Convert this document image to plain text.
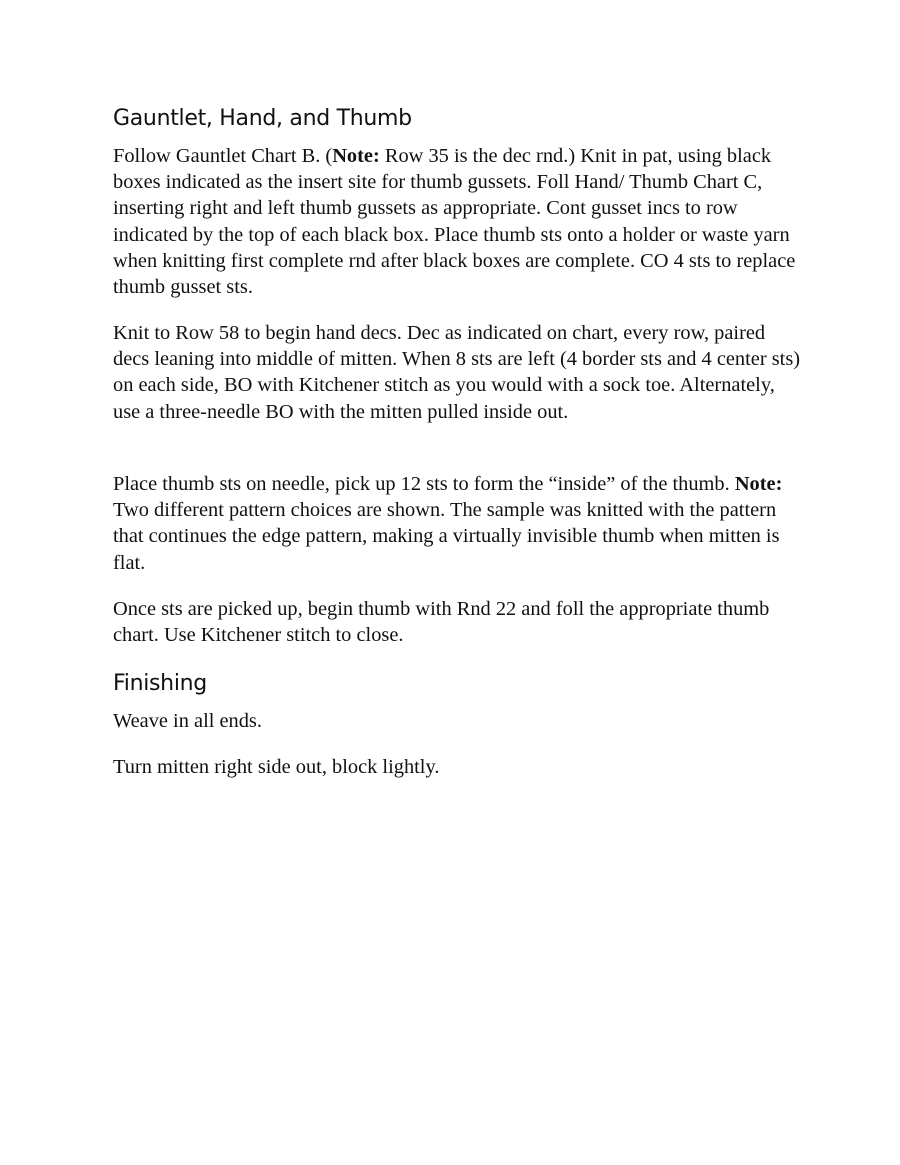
Gauntlet, Hand, and Thumb

Follow Gauntlet Chart B. (Note: Row 35 is the dec rnd.) Knit in pat, using black boxes indicated as the insert site for thumb gussets. Foll Hand/ Thumb Chart C, inserting right and left thumb gussets as appropriate. Cont gusset incs to row indicated by the top of each black box. Place thumb sts onto a holder or waste yarn when knitting first complete rnd after black boxes are complete. CO 4 sts to replace thumb gusset sts.

Knit to Row 58 to begin hand decs. Dec as indicated on chart, every row, paired decs leaning into middle of mitten. When 8 sts are left (4 border sts and 4 center sts) on each side, BO with Kitchener stitch as you would with a sock toe. Alternately, use a three-needle BO with the mitten pulled inside out.

Place thumb sts on needle, pick up 12 sts to form the “inside” of the thumb. Note: Two different pattern choices are shown. The sample was knitted with the pattern that continues the edge pattern, making a virtually invisible thumb when mitten is flat.

Once sts are picked up, begin thumb with Rnd 22 and foll the appropriate thumb chart. Use Kitchener stitch to close.

Finishing

Weave in all ends.

Turn mitten right side out, block lightly.
